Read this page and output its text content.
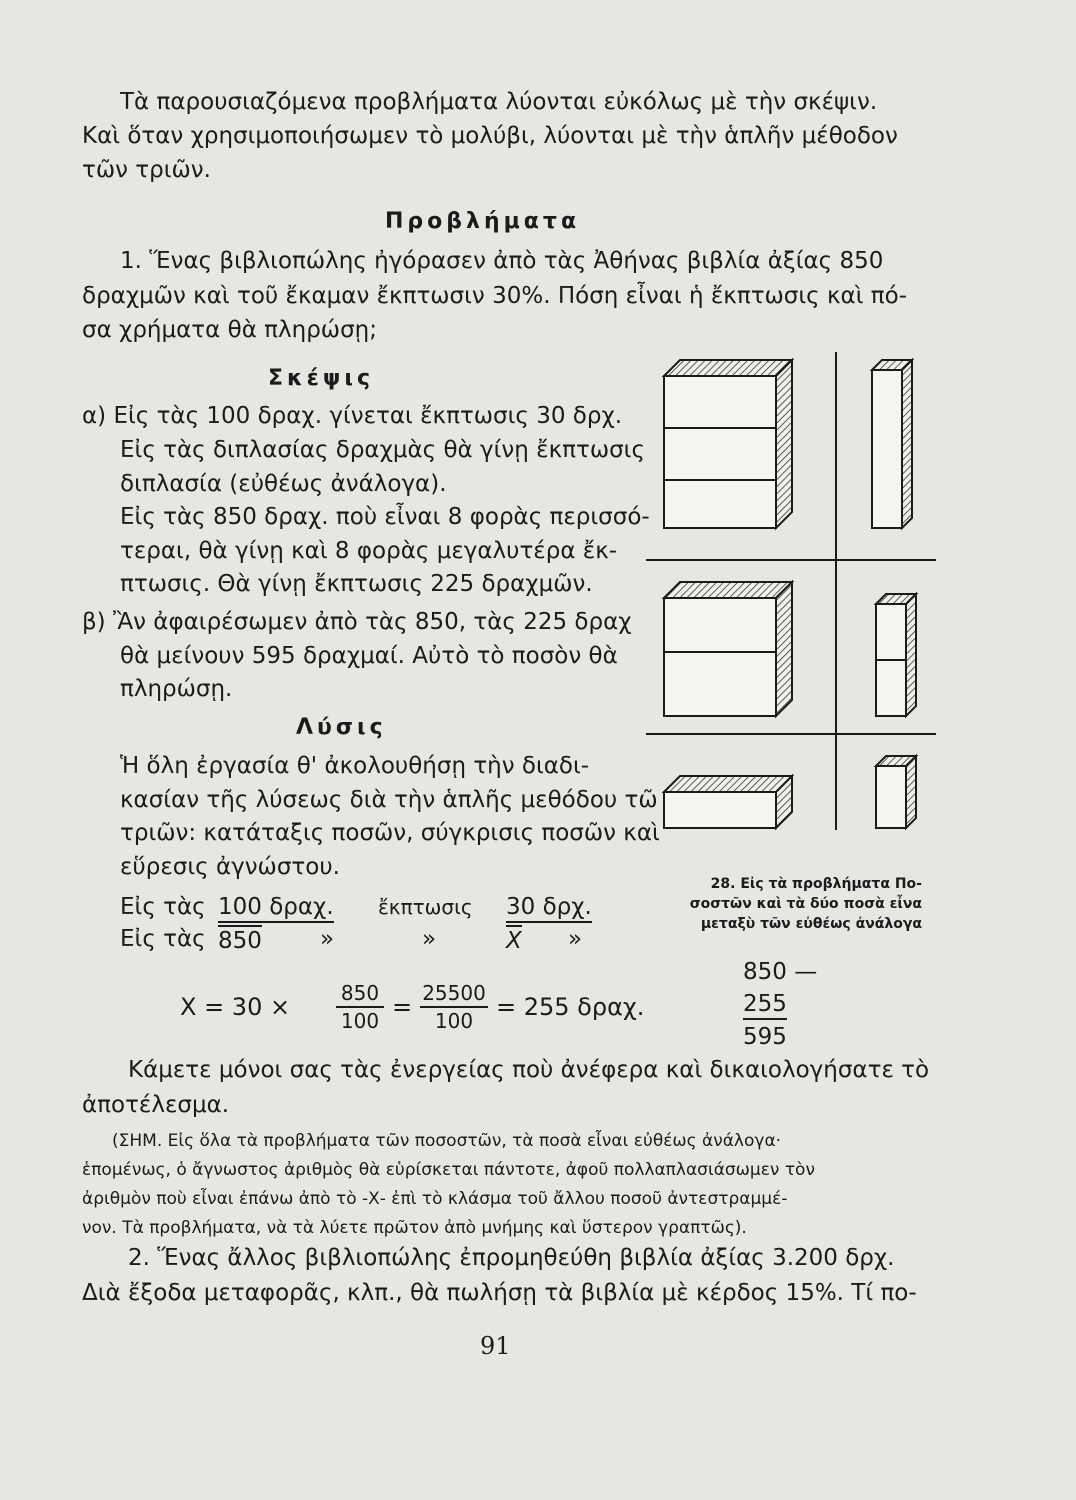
Τὰ παρουσιαζόμενα προβλήματα λύονται εὐκόλως μὲ τὴν σκέψιν.

Καὶ ὅταν χρησιμοποιήσωμεν τὸ μολύβι, λύονται μὲ τὴν ἁπλῆν μέθοδον

τῶν τριῶν.

Προβλήματα

1. Ἕνας βιβλιοπώλης ἠγόρασεν ἀπὸ τὰς Ἀθήνας βιβλία ἀξίας 850

δραχμῶν καὶ τοῦ ἔκαμαν ἔκπτωσιν 30%. Πόση εἶναι ἡ ἔκπτωσις καὶ πό-

σα χρήματα θὰ πληρώσῃ;

Σκέψις

α) Εἰς τὰς 100 δραχ. γίνεται ἔκπτωσις 30 δρχ.

Εἰς τὰς διπλασίας δραχμὰς θὰ γίνῃ ἔκπτωσις

διπλασία (εὐθέως ἀνάλογα).

Εἰς τὰς 850 δραχ. ποὺ εἶναι 8 φορὰς περισσό-

τεραι, θὰ γίνῃ καὶ 8 φορὰς μεγαλυτέρα ἔκ-

πτωσις. Θὰ γίνῃ ἔκπτωσις 225 δραχμῶν.

β) Ἂν ἀφαιρέσωμεν ἀπὸ τὰς 850, τὰς 225 δραχ

θὰ μείνουν 595 δραχμαί. Αὐτὸ τὸ ποσὸν θὰ

πληρώσῃ.

Λύσις

Ἡ ὅλη ἐργασία θ' ἀκολουθήσῃ τὴν διαδι-

κασίαν τῆς λύσεως διὰ τὴν ἁπλῆς μεθόδου τῶ

τριῶν: κατάταξις ποσῶν, σύγκρισις ποσῶν καὶ

εὕρεσις ἀγνώστου.

Εἰς τὰς 100 δραχ. ἔκπτωσις 30 δρχ.

Εἰς τὰς 850	»	»	X »

$X = 30 \times \frac{850}{100} = \frac{25500}{100} = 255$ δραχ.

850 —

255

595

28. Εἰς τὰ προβλήματα Πο-
σοστῶν καὶ τὰ δύο ποσὰ εἶνα
μεταξὺ τῶν εὐθέως ἀνάλογα

Κάμετε μόνοι σας τὰς ἐνεργείας ποὺ ἀνέφερα καὶ δικαιολογήσατε τὸ

ἀποτέλεσμα.

(ΣΗΜ. Εἰς ὅλα τὰ προβλήματα τῶν ποσοστῶν, τὰ ποσὰ εἶναι εὐθέως ἀνάλογα·

ἑπομένως, ὁ ἄγνωστος ἀριθμὸς θὰ εὑρίσκεται πάντοτε, ἀφοῦ πολλαπλασιάσωμεν τὸν

ἀριθμὸν ποὺ εἶναι ἐπάνω ἀπὸ τὸ -Χ- ἐπὶ τὸ κλάσμα τοῦ ἄλλου ποσοῦ ἀντεστραμμέ-

νον. Τὰ προβλήματα, νὰ τὰ λύετε πρῶτον ἀπὸ μνήμης καὶ ὕστερον γραπτῶς).

2. Ἕνας ἄλλος βιβλιοπώλης ἐπρομηθεύθη βιβλία ἀξίας 3.200 δρχ.

Διὰ ἔξοδα μεταφορᾶς, κλπ., θὰ πωλήσῃ τὰ βιβλία μὲ κέρδος 15%. Τί πο-

91
